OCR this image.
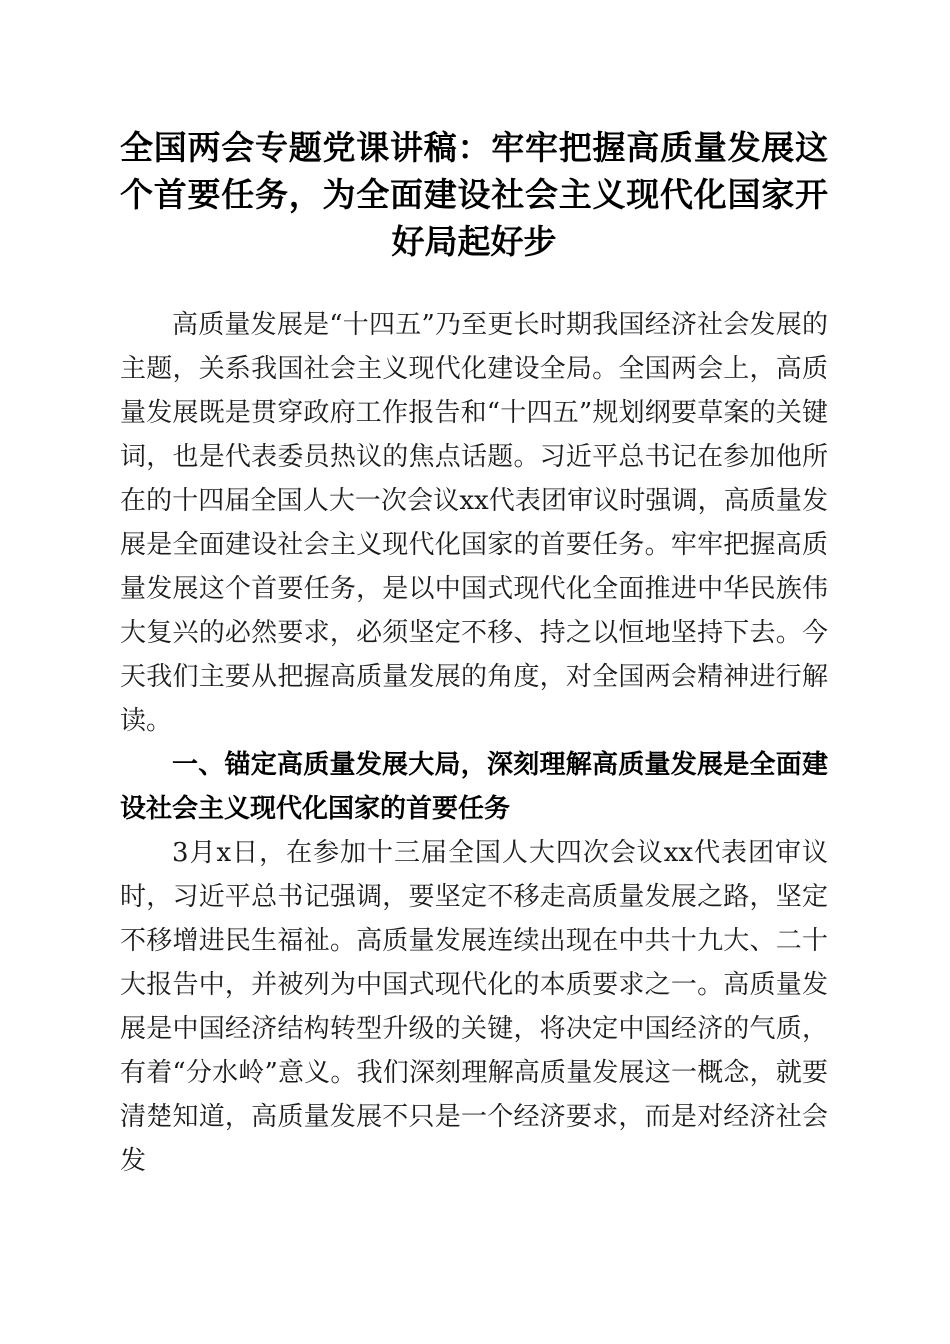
全国两会专题党课讲稿：牢牢把握高质量发展这个首要任务，为全面建设社会主义现代化国家开好局起好步

高质量发展是“十四五”乃至更长时期我国经济社会发展的主题，关系我国社会主义现代化建设全局。全国两会上，高质量发展既是贯穿政府工作报告和“十四五”规划纲要草案的关键词，也是代表委员热议的焦点话题。习近平总书记在参加他所在的十四届全国人大一次会议xx代表团审议时强调，高质量发展是全面建设社会主义现代化国家的首要任务。牢牢把握高质量发展这个首要任务，是以中国式现代化全面推进中华民族伟大复兴的必然要求，必须坚定不移、持之以恒地坚持下去。今天我们主要从把握高质量发展的角度，对全国两会精神进行解读。

一、锚定高质量发展大局，深刻理解高质量发展是全面建设社会主义现代化国家的首要任务

3月x日，在参加十三届全国人大四次会议xx代表团审议时，习近平总书记强调，要坚定不移走高质量发展之路，坚定不移增进民生福祉。高质量发展连续出现在中共十九大、二十大报告中，并被列为中国式现代化的本质要求之一。高质量发展是中国经济结构转型升级的关键，将决定中国经济的气质，有着“分水岭”意义。我们深刻理解高质量发展这一概念，就要清楚知道，高质量发展不只是一个经济要求，而是对经济社会发
